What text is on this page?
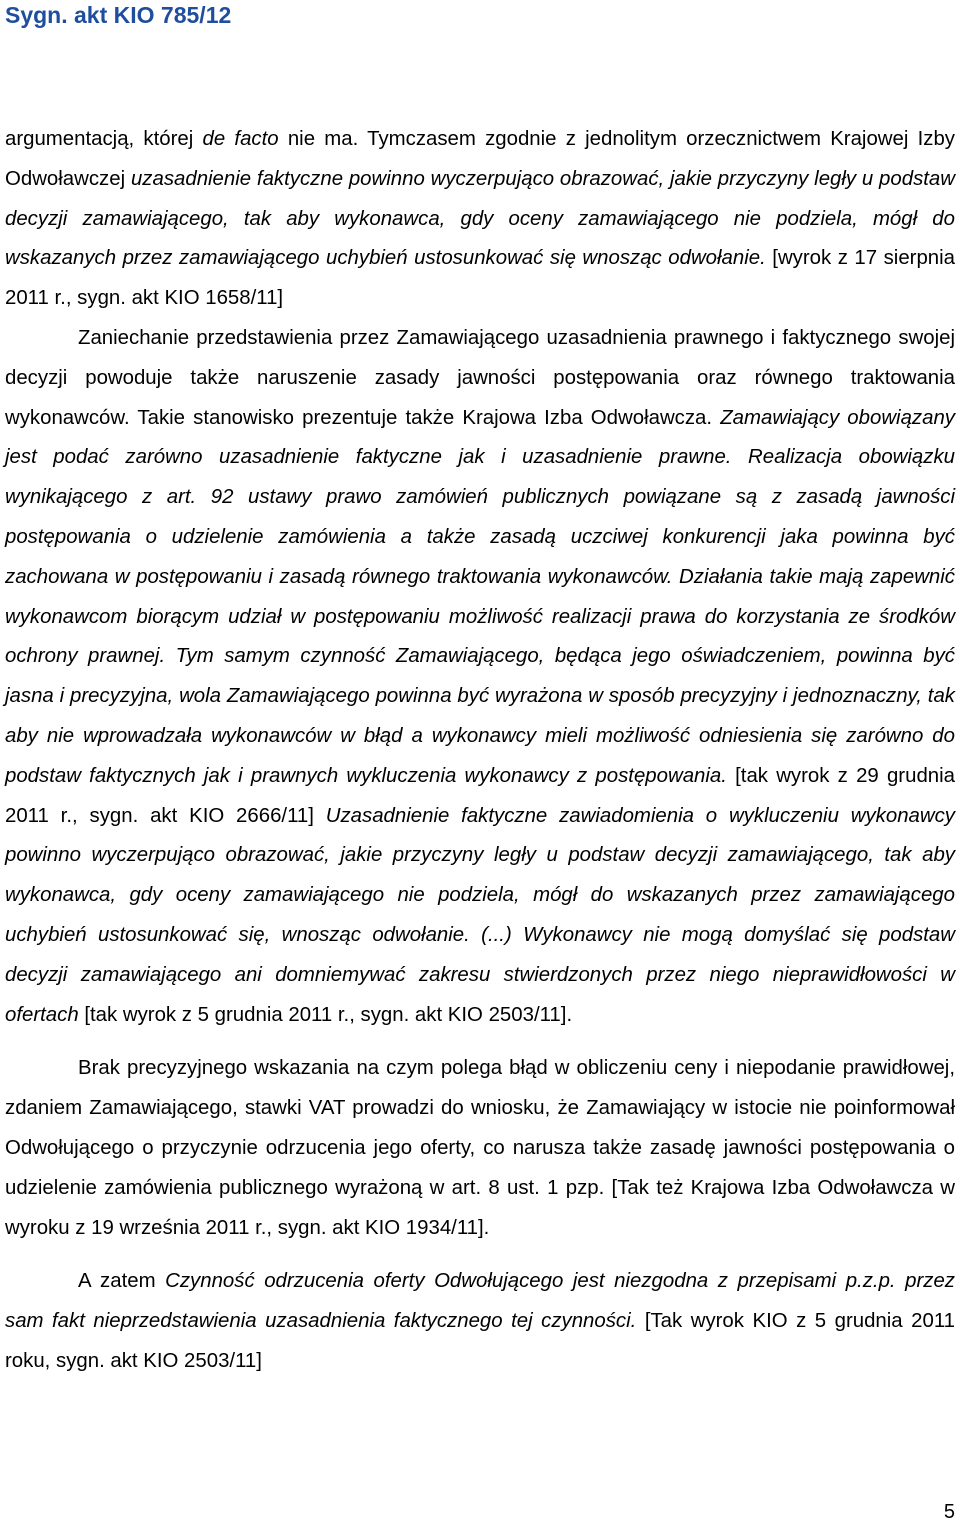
Sygn. akt KIO 785/12

argumentacją, której de facto nie ma. Tymczasem zgodnie z jednolitym orzecznictwem Krajowej Izby Odwoławczej uzasadnienie faktyczne powinno wyczerpująco obrazować, jakie przyczyny legły u podstaw decyzji zamawiającego, tak aby wykonawca, gdy oceny zamawiającego nie podziela, mógł do wskazanych przez zamawiającego uchybień ustosunkować się wnosząc odwołanie. [wyrok z 17 sierpnia 2011 r., sygn. akt KIO 1658/11]

Zaniechanie przedstawienia przez Zamawiającego uzasadnienia prawnego i faktycznego swojej decyzji powoduje także naruszenie zasady jawności postępowania oraz równego traktowania wykonawców. Takie stanowisko prezentuje także Krajowa Izba Odwoławcza. Zamawiający obowiązany jest podać zarówno uzasadnienie faktyczne jak i uzasadnienie prawne. Realizacja obowiązku wynikającego z art. 92 ustawy prawo zamówień publicznych powiązane są z zasadą jawności postępowania o udzielenie zamówienia a także zasadą uczciwej konkurencji jaka powinna być zachowana w postępowaniu i zasadą równego traktowania wykonawców. Działania takie mają zapewnić wykonawcom biorącym udział w postępowaniu możliwość realizacji prawa do korzystania ze środków ochrony prawnej. Tym samym czynność Zamawiającego, będąca jego oświadczeniem, powinna być jasna i precyzyjna, wola Zamawiającego powinna być wyrażona w sposób precyzyjny i jednoznaczny, tak aby nie wprowadzała wykonawców w błąd a wykonawcy mieli możliwość odniesienia się zarówno do podstaw faktycznych jak i prawnych wykluczenia wykonawcy z postępowania. [tak wyrok z 29 grudnia 2011 r., sygn. akt KIO 2666/11] Uzasadnienie faktyczne zawiadomienia o wykluczeniu wykonawcy powinno wyczerpująco obrazować, jakie przyczyny legły u podstaw decyzji zamawiającego, tak aby wykonawca, gdy oceny zamawiającego nie podziela, mógł do wskazanych przez zamawiającego uchybień ustosunkować się, wnosząc odwołanie. (...) Wykonawcy nie mogą domyślać się podstaw decyzji zamawiającego ani domniemywać zakresu stwierdzonych przez niego nieprawidłowości w ofertach [tak wyrok z 5 grudnia 2011 r., sygn. akt KIO 2503/11].

Brak precyzyjnego wskazania na czym polega błąd w obliczeniu ceny i niepodanie prawidłowej, zdaniem Zamawiającego, stawki VAT prowadzi do wniosku, że Zamawiający w istocie nie poinformował Odwołującego o przyczynie odrzucenia jego oferty, co narusza także zasadę jawności postępowania o udzielenie zamówienia publicznego wyrażoną w art. 8 ust. 1 pzp. [Tak też Krajowa Izba Odwoławcza w wyroku z 19 września 2011 r., sygn. akt KIO 1934/11].

A zatem Czynność odrzucenia oferty Odwołującego jest niezgodna z przepisami p.z.p. przez sam fakt nieprzedstawienia uzasadnienia faktycznego tej czynności. [Tak wyrok KIO z 5 grudnia 2011 roku, sygn. akt KIO 2503/11]

5
